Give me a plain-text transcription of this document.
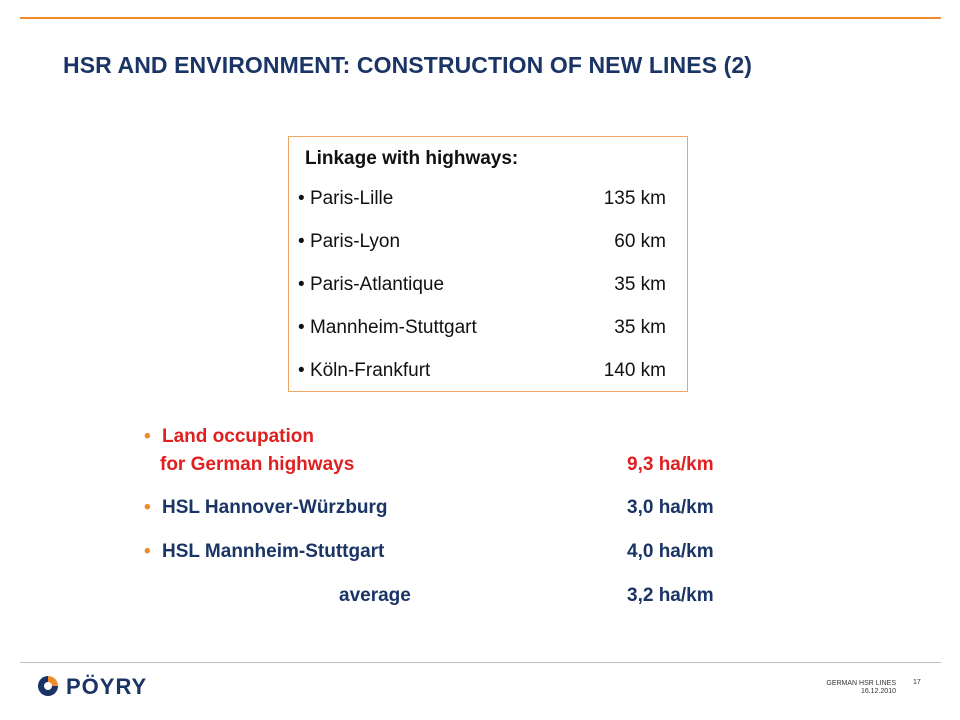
HSR AND ENVIRONMENT: CONSTRUCTION OF NEW LINES (2)
Linkage with highways:
• Paris-Lille	135 km
• Paris-Lyon	60 km
• Paris-Atlantique	35 km
• Mannheim-Stuttgart	35 km
• Köln-Frankfurt	140 km
• Land occupation
for German highways	9,3 ha/km
• HSL Hannover-Würzburg	3,0 ha/km
• HSL Mannheim-Stuttgart	4,0 ha/km
average	3,2 ha/km
PÖYRY	GERMAN HSR LINES
16.12.2010
17
